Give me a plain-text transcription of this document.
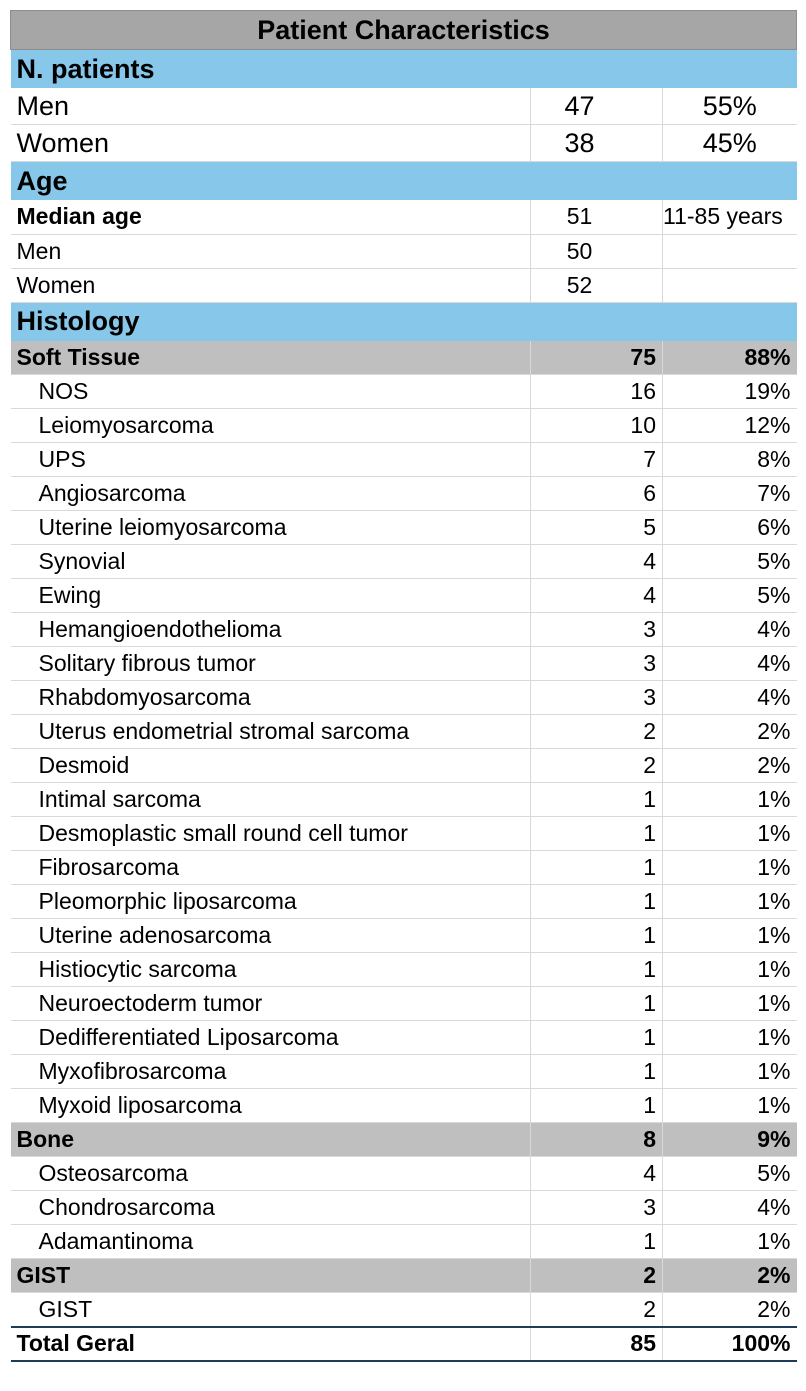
Patient Characteristics		
N. patients		
Men	47	55%
Women	38	45%
Age		
Median age	51	11-85 years
Men	50	
Women	52	
Histology		
Soft Tissue	75	88%
NOS	16	19%
Leiomyosarcoma	10	12%
UPS	7	8%
Angiosarcoma	6	7%
Uterine leiomyosarcoma	5	6%
Synovial	4	5%
Ewing	4	5%
Hemangioendothelioma	3	4%
Solitary fibrous tumor	3	4%
Rhabdomyosarcoma	3	4%
Uterus endometrial stromal sarcoma	2	2%
Desmoid	2	2%
Intimal sarcoma	1	1%
Desmoplastic small round cell tumor	1	1%
Fibrosarcoma	1	1%
Pleomorphic liposarcoma	1	1%
Uterine adenosarcoma	1	1%
Histiocytic sarcoma	1	1%
Neuroectoderm tumor	1	1%
Dedifferentiated Liposarcoma	1	1%
Myxofibrosarcoma	1	1%
Myxoid liposarcoma	1	1%
Bone	8	9%
Osteosarcoma	4	5%
Chondrosarcoma	3	4%
Adamantinoma	1	1%
GIST	2	2%
GIST	2	2%
Total Geral	85	100%
